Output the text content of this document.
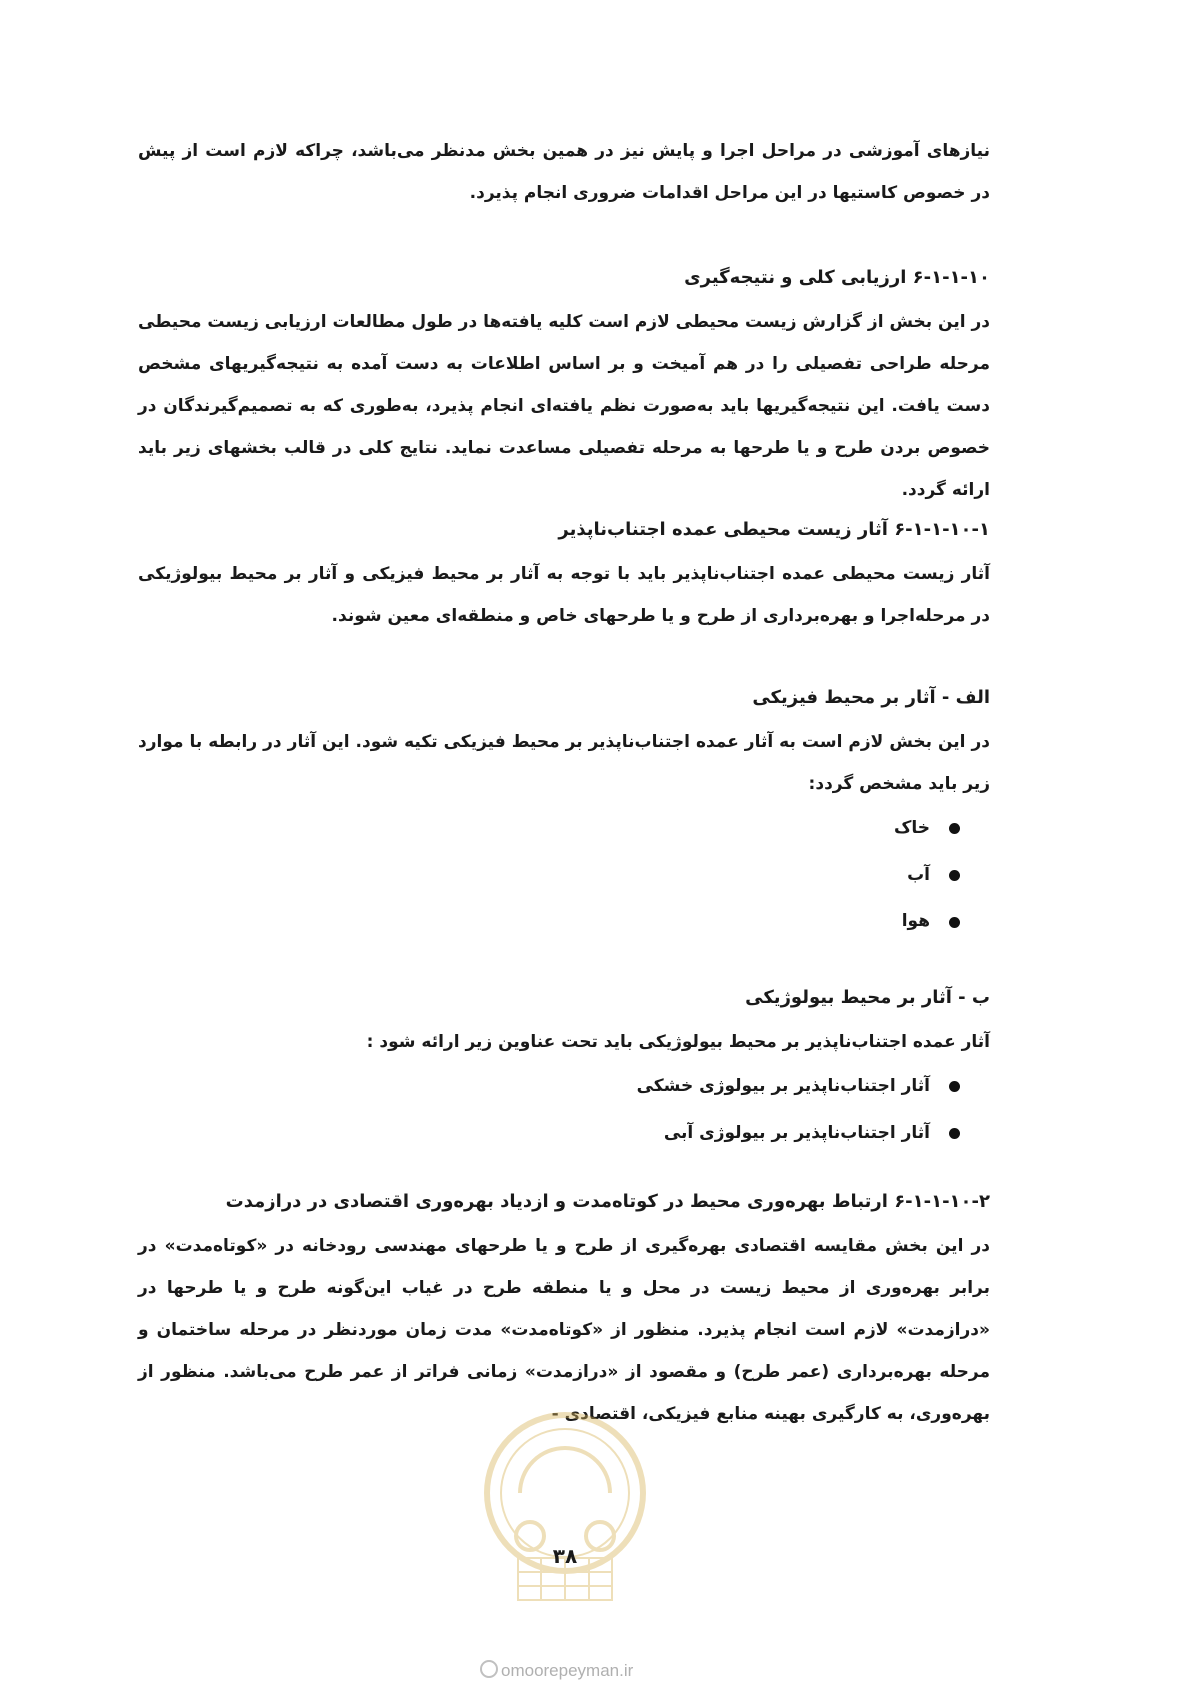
نیازهای آموزشی در مراحل اجرا و پایش نیز در همین بخش مدنظر می‌باشد، چراکه لازم است از پیش در خصوص کاستیها در این مراحل اقدامات ضروری انجام پذیرد.

۶-۱-۱-۱۰ ارزیابی کلی و نتیجه‌گیری

در این بخش از گزارش زیست محیطی لازم است کلیه یافته‌ها در طول مطالعات ارزیابی زیست محیطی مرحله طراحی تفصیلی را در هم آمیخت و بر اساس اطلاعات به دست آمده به نتیجه‌گیریهای مشخص دست یافت. این نتیجه‌گیریها باید به‌صورت نظم یافته‌ای انجام پذیرد، به‌طوری که به تصمیم‌گیرندگان در خصوص بردن طرح و یا طرحها به مرحله تفصیلی مساعدت نماید. نتایج کلی در قالب بخشهای زیر باید ارائه گردد.

۶-۱-۱-۱۰-۱ آثار زیست محیطی عمده اجتناب‌ناپذیر

آثار زیست محیطی عمده اجتناب‌ناپذیر باید با توجه به آثار بر محیط فیزیکی و آثار بر محیط بیولوژیکی در مرحله‌اجرا و بهره‌برداری از طرح و یا طرحهای خاص و منطقه‌ای معین شوند.

الف - آثار بر محیط فیزیکی

در این بخش لازم است به آثار عمده اجتناب‌ناپذیر بر محیط فیزیکی تکیه شود. این آثار در رابطه با موارد زیر باید مشخص گردد:

خاک
آب
هوا

ب - آثار بر محیط بیولوژیکی

آثار عمده اجتناب‌ناپذیر بر محیط بیولوژیکی باید تحت عناوین زیر ارائه شود :

آثار اجتناب‌ناپذیر بر بیولوژی خشکی
آثار اجتناب‌ناپذیر بر بیولوژی آبی

۶-۱-۱-۱۰-۲ ارتباط بهره‌وری محیط در کوتاه‌مدت و ازدیاد بهره‌وری اقتصادی در درازمدت

در این بخش مقایسه اقتصادی بهره‌گیری از طرح و یا طرحهای مهندسی رودخانه در «کوتاه‌مدت» در برابر بهره‌وری از محیط زیست در محل و یا منطقه طرح در غیاب این‌گونه طرح و یا طرحها در «درازمدت» لازم است انجام پذیرد. منظور از «کوتاه‌مدت» مدت زمان موردنظر در مرحله ساختمان و مرحله بهره‌برداری (عمر طرح) و مقصود از «درازمدت» زمانی فراتر از عمر طرح می‌باشد. منظور از بهره‌وری، به کارگیری بهینه منابع فیزیکی، اقتصادی -

۳۸
omoorepeyman.ir
